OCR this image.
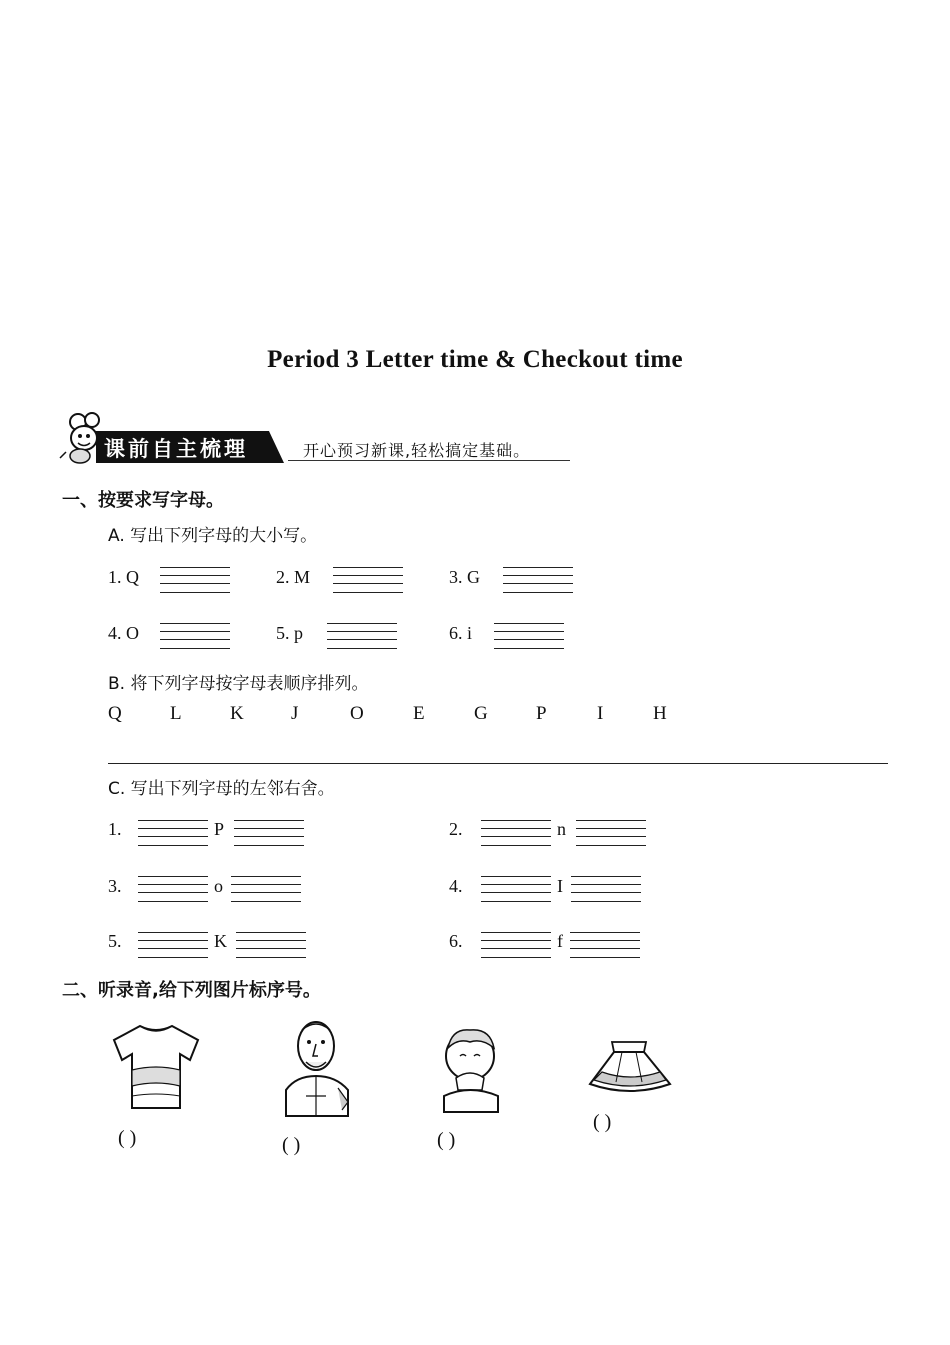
Period 3 Letter time & Checkout time
课前自主梳理	开心预习新课,轻松搞定基础。
一、按要求写字母。
A. 写出下列字母的大小写。
1. Q	2. M	3. G
4. O	5. p	6. i
B. 将下列字母按字母表顺序排列。
Q	L	K J	O	E	G	P	I	H
C. 写出下列字母的左邻右舍。
1.	P	2.	n
3.	o	4.	I
5.	K	6.	f
二、听录音,给下列图片标序号。
( )	( )	( )
( )
